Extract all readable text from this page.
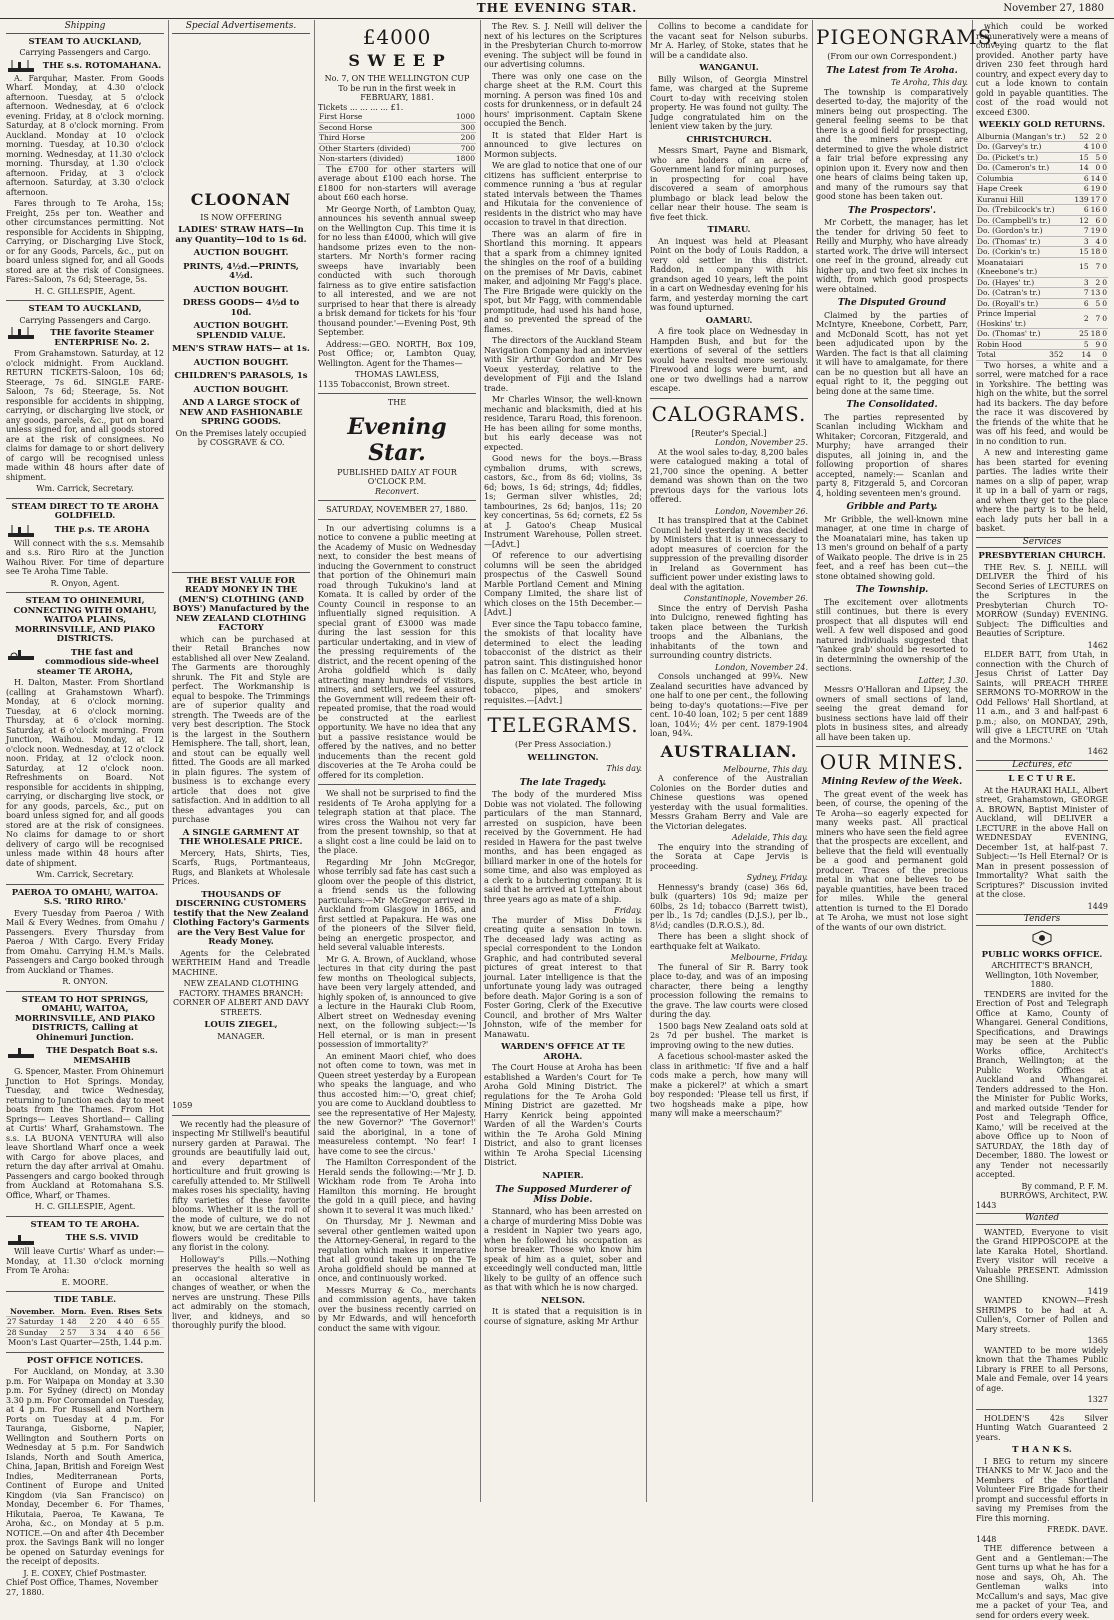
THE EVENING STAR.	November 27, 1880
Shipping
STEAM TO AUCKLAND,
Carrying Passengers and Cargo.
THE s.s. ROTOMAHANA.

A. Farquhar, Master. From Goods Wharf. Monday, at 4.30 o'clock afternoon. Tuesday, at 5 o'clock afternoon. Wednesday, at 6 o'clock evening. Friday, at 8 o'clock morning. Saturday, at 8 o'clock morning. From Auckland. Monday at 10 o'clock morning. Tuesday, at 10.30 o'clock morning. Wednesday, at 11.30 o'clock morning. Thursday, at 1.30 o'clock afternoon. Friday, at 3 o'clock afternoon. Saturday, at 3.30 o'clock afternoon.

Fares through to Te Aroha, 15s; Freight, 25s per ton. Weather and other circumstances permitting. Not responsible for Accidents in Shipping, Carrying, or Discharging Live Stock, or for any Goods, Parcels, &c., put on board unless signed for, and all Goods stored are at the risk of Consignees. Fares:-Saloon, 7s 6d; Steerage, 5s.

H. C. GILLESPIE, Agent.
STEAM TO AUCKLAND,
Carrying Passengers and Cargo.
THE favorite Steamer ENTERPRISE No. 2.

From Grahamstown. Saturday, at 12 o'clock midnight. From Auckland. RETURN TICKETS-Saloon, 10s 6d; Steerage, 7s 6d. SINGLE FARE-Saloon, 7s 6d; Steerage, 5s. Not responsible for accidents in shipping, carrying, or discharging live stock, or any goods, parcels, &c., put on board unless signed for, and all goods stored are at the risk of consignees. No claims for damage to or short delivery of cargo will be recognised unless made within 48 hours after date of shipment.

Wm. Carrick, Secretary.
STEAM DIRECT TO TE AROHA GOLDFIELD.
THE p.s. TE AROHA

Will connect with the s.s. Memsahib and s.s. Riro Riro at the Junction Waihou River. For time of departure see Te Aroha Time Table.

R. Onyon, Agent.
STEAM TO OHINEMURI, CONNECTING WITH OMAHU, WAITOA PLAINS, MORRINSVILLE, AND PIAKO DISTRICTS.
THE fast and commodious side-wheel steamer TE AROHA,

H. Dalton, Master. From Shortland (calling at Grahamstown Wharf). Monday, at 6 o'clock morning. Tuesday, at 6 o'clock morning. Thursday, at 6 o'clock morning. Saturday, at 6 o'clock morning. From Junction, Waihou. Monday, at 12 o'clock noon. Wednesday, at 12 o'clock noon. Friday, at 12 o'clock noon. Saturday, at 12 o'clock noon. Refreshments on Board. Not responsible for accidents in shipping, carrying, or discharging live stock, or for any goods, parcels, &c., put on board unless signed for, and all goods stored are at the risk of consignees. No claims for damage to or short delivery of cargo will be recognised unless made within 48 hours after date of shipment.

Wm. Carrick, Secretary.
PAEROA TO OMAHU, WAITOA. S.S. 'RIRO RIRO.'

Every Tuesday from Paeroa / With Mail & Every Wednes. from Omahu / Passengers. Every Thursday from Paeroa / With Cargo. Every Friday from Omahu. Carrying H.M.'s Mails. Passengers and Cargo booked through from Auckland or Thames.

R. ONYON.
STEAM TO HOT SPRINGS, OMAHU, WAITOA, MORRINSVILLE, AND PIAKO DISTRICTS, Calling at Ohinemuri Junction.
THE Despatch Boat s.s. MEMSAHIB

G. Spencer, Master. From Ohinemuri Junction to Hot Springs. Monday, Tuesday, and twice Wednesday, returning to Junction each day to meet boats from the Thames. From Hot Springs— Leaves Shortland— Calling at Curtis' Wharf, Grahamstown. The s.s. LA BUONA VENTURA will also leave Shortland Wharf once a week with Cargo for above places, and return the day after arrival at Omahu. Passengers and cargo booked through from Auckland at Rotomahana S.S. Office, Wharf, or Thames.

H. C. GILLESPIE, Agent.
STEAM TO TE AROHA.
THE S.S. VIVID

Will leave Curtis' Wharf as under:— Monday, at 11.30 o'clock morning From Te Aroha:

E. MOORE.
TIDE TABLE.
November.	Morn.	Even.	Rises	Sets
27 Saturday	1 48	2 20	4 40	6 55
28 Sunday	2 57	3 34	4 40	6 56
Moon's Last Quarter—25th, 1.44 p.m.
POST OFFICE NOTICES.

For Auckland, on Monday, at 3.30 p.m. For Waipapa on Monday at 3.30 p.m. For Sydney (direct) on Monday 3.30 p.m. For Coromandel on Tuesday, at 4 p.m. For Russell and Northern Ports on Tuesday at 4 p.m. For Tauranga, Gisborne, Napier, Wellington and Southern Ports on Wednesday at 5 p.m. For Sandwich Islands, North and South America, China, Japan, British and Foreign West Indies, Mediterranean Ports, Continent of Europe and United Kingdom (via San Francisco) on Monday, December 6. For Thames, Hikutaia, Paeroa, Te Kawana, Te Aroha, &c., on Monday at 5 p.m. NOTICE.—On and after 4th December prox. the Savings Bank will no longer be opened on Saturday evenings for the receipt of deposits.

J. E. COXEY, Chief Postmaster.
Chief Post Office, Thames, November 27, 1880.
Special Advertisements.
CLOONAN
IS NOW OFFERING
LADIES' STRAW HATS—In any Quantity—10d to 1s 6d.
AUCTION BOUGHT.
PRINTS, 4½d.—PRINTS, 4½d.
AUCTION BOUGHT.
DRESS GOODS— 4½d to 10d.
AUCTION BOUGHT. SPLENDID VALUE.
MEN'S STRAW HATS— at 1s.
AUCTION BOUGHT.
CHILDREN'S PARASOLS, 1s
AUCTION BOUGHT.
AND A LARGE STOCK of NEW AND FASHIONABLE SPRING GOODS.
On the Premises lately occupied by COSGRAVE & CO.
THE BEST VALUE FOR READY MONEY IN THE (MEN'S) CLOTHING (AND BOYS') Manufactured by the NEW ZEALAND CLOTHING FACTORY

which can be purchased at their Retail Branches now established all over New Zealand. The Garments are thoroughly shrunk. The Fit and Style are perfect. The Workmanship is equal to bespoke. The Trimmings are of superior quality and strength. The Tweeds are of the very best description. The Stock is the largest in the Southern Hemisphere. The tall, short, lean, and stout can be equally well fitted. The Goods are all marked in plain figures. The system of business is to exchange every article that does not give satisfaction. And in addition to all these advantages you can purchase

A SINGLE GARMENT AT THE WHOLESALE PRICE.

Mercery, Hats, Shirts, Ties, Scarfs, Rugs, Portmanteaus, Rugs, and Blankets at Wholesale Prices.

THOUSANDS OF DISCERNING CUSTOMERS testify that the New Zealand Clothing Factory's Garments are the Very Best Value for Ready Money.

Agents for the Celebrated WERTHEIM Hand and Treadle MACHINE.

NEW ZEALAND CLOTHING FACTORY. THAMES BRANCH: CORNER OF ALBERT AND DAVY STREETS.
LOUIS ZIEGEL,
MANAGER.
1059

We recently had the pleasure of inspecting Mr Stillwell's beautiful nursery garden at Parawai. The grounds are beautifully laid out, and every department of horticulture and fruit growing is carefully attended to. Mr Stillwell makes roses his speciality, having fifty varieties of these favorite blooms. Whether it is the roll of the mode of culture, we do not know, but we are certain that the flowers would be creditable to any florist in the colony.

Holloway's Pills.—Nothing preserves the health so well as an occasional alterative in changes of weather, or when the nerves are unstrung. These Pills act admirably on the stomach, liver, and kidneys, and so thoroughly purify the blood.

£4000
S W E E P
No. 7, ON THE WELLINGTON CUP
To be run in the first week in FEBRUARY, 1881.
Tickets ... ... ... ... £1.
First Horse	1000
Second Horse	300
Third Horse	200
Other Starters (divided)	700
Non-starters (divided)	1800

The £700 for other starters will average about £100 each horse. The £1800 for non-starters will average about £60 each horse.

Mr George North, of Lambton Quay, announces his seventh annual sweep on the Wellington Cup. This time it is for no less than £4000, which will give handsome prizes even to the non-starters. Mr North's former racing sweeps have invariably been conducted with such thorough fairness as to give entire satisfaction to all interested, and we are not surprised to hear that there is already a brisk demand for tickets for his 'four thousand pounder.'—Evening Post, 9th September.

Address:—GEO. NORTH, Box 109, Post Office; or, Lambton Quay, Wellington. Agent for the Thames—

THOMAS LAWLESS,
1135 Tobacconist, Brown street.
THE
Evening Star.
PUBLISHED DAILY AT FOUR O'CLOCK P.M.
Reconvert.
SATURDAY, NOVEMBER 27, 1880.

In our advertising columns is a notice to convene a public meeting at the Academy of Music on Wednesday next, to consider the best means of inducing the Government to construct that portion of the Ohinemuri main road through Tukukino's land at Komata. It is called by order of the County Council in response to an influentially signed requisition. A special grant of £3000 was made during the last session for this particular undertaking, and in view of the pressing requirements of the district, and the recent opening of the Aroha goldfield which is daily attracting many hundreds of visitors, miners, and settlers, we feel assured the Government will redeem their oft-repeated promise, that the road would be constructed at the earliest opportunity. We have no idea that any but a passive resistance would be offered by the natives, and no better inducements than the recent gold discoveries at the Te Aroha could be offered for its completion.

We shall not be surprised to find the residents of Te Aroha applying for a telegraph station at that place. The wires cross the Waihou not very far from the present township, so that at a slight cost a line could be laid on to the place.

Regarding Mr John McGregor, whose terribly sad fate has cast such a gloom over the people of this district, a friend sends us the following particulars:—Mr McGregor arrived in Auckland from Glasgow in 1865, and first settled at Papakura. He was one of the pioneers of the Silver field, being an energetic prospector, and held several valuable interests.

Mr G. A. Brown, of Auckland, whose lectures in that city during the past few months on Theological subjects, have been very largely attended, and highly spoken of, is announced to give a lecture in the Hauraki Club Room, Albert street on Wednesday evening next, on the following subject:—'Is Hell eternal, or is man in present possession of immortality?'

An eminent Maori chief, who does not often come to town, was met in Queen street yesterday by a European who speaks the language, and who thus accosted him:—'O, great chief; you are come to Auckland doubtless to see the representative of Her Majesty, the new Governor?' 'The Governor!' said the aboriginal, in a tone of measureless contempt. 'No fear! I have come to see the circus.'

The Hamilton Correspondent of the Herald sends the following:—'Mr J. D. Wickham rode from Te Aroha into Hamilton this morning. He brought the gold in a quill piece, and having shown it to several it was much liked.'

On Thursday, Mr J. Newman and several other gentlemen waited upon the Attorney-General, in regard to the regulation which makes it imperative that all ground taken up on the Te Aroha goldfield should be manned at once, and continuously worked.

Messrs Murray & Co., merchants and commission agents, have taken over the business recently carried on by Mr Edwards, and will henceforth conduct the same with vigour.

The Rev. S. J. Neill will deliver the next of his lectures on the Scriptures in the Presbyterian Church to-morrow evening. The subject will be found in our advertising columns.

There was only one case on the charge sheet at the R.M. Court this morning. A person was fined 10s and costs for drunkenness, or in default 24 hours' imprisonment. Captain Skene occupied the Bench.

It is stated that Elder Hart is announced to give lectures on Mormon subjects.

We are glad to notice that one of our citizens has sufficient enterprise to commence running a 'bus at regular stated intervals between the Thames and Hikutaia for the convenience of residents in the district who may have occasion to travel in that direction.

There was an alarm of fire in Shortland this morning. It appears that a spark from a chimney ignited the shingles on the roof of a building on the premises of Mr Davis, cabinet maker, and adjoining Mr Fagg's place. The Fire Brigade were quickly on the spot, but Mr Fagg, with commendable promptitude, had used his hand hose, and so prevented the spread of the flames.

The directors of the Auckland Steam Navigation Company had an interview with Sir Arthur Gordon and Mr Des Voeux yesterday, relative to the development of Fiji and the Island trade.

Mr Charles Winsor, the well-known mechanic and blacksmith, died at his residence, Tararu Road, this forenoon. He has been ailing for some months, but his early decease was not expected.

Good news for the boys.—Brass cymbalion drums, with screws, castors, &c., from 8s 6d; violins, 3s 6d; bows, 1s 6d; strings, 4d; fiddles, 1s; German silver whistles, 2d; tambourines, 2s 6d; banjos, 11s; 20 key concertinas, 5s 6d; cornets, £2 5s at J. Gatoo's Cheap Musical Instrument Warehouse, Pollen street.—[Advt.]

Of reference to our advertising columns will be seen the abridged prospectus of the Caswell Sound Marble Portland Cement and Mining Company Limited, the share list of which closes on the 15th December.—[Advt.]

Ever since the Tapu tobacco famine, the smokists of that locality have determined to elect the leading tobacconist of the district as their patron saint. This distinguished honor has fallen on C. McAteer, who, beyond dispute, supplies the best article in tobacco, pipes, and smokers' requisites.—[Advt.]

TELEGRAMS.
(Per Press Association.)
WELLINGTON.
This day.
The late Tragedy.

The body of the murdered Miss Dobie was not violated. The following particulars of the man Stannard, arrested on suspicion, have been received by the Government. He had resided in Hawera for the past twelve months, and has been engaged as billiard marker in one of the hotels for some time, and also was employed as a clerk to a butchering company. It is said that he arrived at Lyttelton about three years ago as mate of a ship.

Friday.

The murder of Miss Dobie is creating quite a sensation in town. The deceased lady was acting as special correspondent to the London Graphic, and had contributed several pictures of great interest to that journal. Later intelligence is that the unfortunate young lady was outraged before death. Major Goring is a son of Foster Goring, Clerk of the Executive Council, and brother of Mrs Walter Johnston, wife of the member for Manawatu.

WARDEN'S OFFICE AT TE AROHA.

The Court House at Aroha has been established a Warden's Court for Te Aroha Gold Mining District. The regulations for the Te Aroha Gold Mining District are gazetted. Mr Harry Kenrick being appointed Warden of all the Warden's Courts within the Te Aroha Gold Mining District, and also to grant licenses within Te Aroha Special Licensing District.

NAPIER.
The Supposed Murderer of Miss Dobie.

Stannard, who has been arrested on a charge of murdering Miss Dobie was a resident in Napier two years ago, when he followed his occupation as horse breaker. Those who know him speak of him as a quiet, sober and exceedingly well conducted man, little likely to be guilty of an offence such as that with which he is now charged.

NELSON.

It is stated that a requisition is in course of signature, asking Mr Arthur

Collins to become a candidate for the vacant seat for Nelson suburbs. Mr A. Harley, of Stoke, states that he will be a candidate also.

WANGANUI.

Billy Wilson, of Georgia Minstrel fame, was charged at the Supreme Court to-day with receiving stolen property. He was found not guilty. The Judge congratulated him on the lenient view taken by the jury.

CHRISTCHURCH.

Messrs Smart, Payne and Bismark, who are holders of an acre of Government land for mining purposes, in prospecting for coal have discovered a seam of amorphous plumbago or black lead below the cellar near their house. The seam is five feet thick.

TIMARU.

An inquest was held at Pleasant Point on the body of Louis Raddon, a very old settler in this district. Raddon, in company with his grandson aged 10 years, left the point in a cart on Wednesday evening for his farm, and yesterday morning the cart was found upturned.

OAMARU.

A fire took place on Wednesday in Hampden Bush, and but for the exertions of several of the settlers would have resulted more seriously. Firewood and logs were burnt, and one or two dwellings had a narrow escape.

CALOGRAMS.
[Reuter's Special.]
London, November 25.

At the wool sales to-day, 8,200 bales were catalogued making a total of 21,700 since the opening. A better demand was shown than on the two previous days for the various lots offered.

London, November 26.

It has transpired that at the Cabinet Council held yesterday it was decided by Ministers that it is unnecessary to adopt measures of coercion for the suppression of the prevailing disorder in Ireland as Government has sufficient power under existing laws to deal with the agitation.

Constantinople, November 26.

Since the entry of Dervish Pasha into Dulcigno, renewed fighting has taken place between the Turkish troops and the Albanians, the inhabitants of the town and surrounding country districts.

London, November 24.

Consols unchanged at 99¾. New Zealand securities have advanced by one half to one per cent., the following being to-day's quotations:—Five per cent. 10-40 loan, 102; 5 per cent 1889 loan, 104½; 4½ per cent. 1879-1904 loan, 94¾.

AUSTRALIAN.
Melbourne, This day.

A conference of the Australian Colonies on the Border duties and Chinese questions was opened yesterday with the usual formalities. Messrs Graham Berry and Vale are the Victorian delegates.

Adelaide, This day.

The enquiry into the stranding of the Sorata at Cape Jervis is proceeding.

Sydney, Friday.

Hennessy's brandy (case) 36s 6d, bulk (quarters) 10s 9d; maize per 60lbs, 2s 1d; tobacco (Barrett twist), per lb., 1s 7d; candles (D.J.S.), per lb., 8½d; candles (D.R.O.S.), 8d.

There has been a slight shock of earthquake felt at Waikato.

Melbourne, Friday.

The funeral of Sir R. Barry took place to-day, and was of an imposing character, there being a lengthy procession following the remains to the grave. The law courts were closed during the day.

1500 bags New Zealand oats sold at 2s 7d per bushel. The market is improving owing to the new duties.

A facetious school-master asked the class in arithmetic: 'If five and a half cods make a perch, how many will make a pickerel?' at which a smart boy responded: 'Please tell us first, if two hogsheads make a pipe, how many will make a meerschaum?'

PIGEONGRAMS.
(From our own Correspondent.)
The Latest from Te Aroha.
Te Aroha, This day.

The township is comparatively deserted to-day, the majority of the miners being out prospecting. The general feeling seems to be that there is a good field for prospecting, and the miners present are determined to give the whole district a fair trial before expressing any opinion upon it. Every now and then one hears of claims being taken up, and many of the rumours say that good stone has been taken out.

The Prospectors'.

Mr Corbett, the manager, has let the tender for driving 50 feet to Reilly and Murphy, who have already started work. The drive will intersect one reef in the ground, already cut higher up, and two feet six inches in width, from which good prospects were obtained.

The Disputed Ground

Claimed by the parties of McIntyre, Kneebone, Corbett, Parr, and McDonald Scott, has not yet been adjudicated upon by the Warden. The fact is that all claiming it will have to amalgamate, for there can be no question but all have an equal right to it, the pegging out being done at the same time.

The Consolidated.

The parties represented by Scanlan including Wickham and Whitaker; Corcoran, Fitzgerald, and Murphy; have arranged their disputes, all joining in, and the following proportion of shares accepted, namely:— Scanlan and party 8, Fitzgerald 5, and Corcoran 4, holding seventeen men's ground.

Gribble and Party.

Mr Gribble, the well-known mine manager, at one time in charge of the Moanataiari mine, has taken up 13 men's ground on behalf of a party of Waikato people. The drive is in 25 feet, and a reef has been cut—the stone obtained showing gold.

The Township.

The excitement over allotments still continues, but there is every prospect that all disputes will end well. A few well disposed and good natured individuals suggested that 'Yankee grab' should be resorted to in determining the ownership of the sections.

Latter, 1.30.

Messrs O'Halloran and Lipsey, the owners of small sections of land, seeing the great demand for business sections have laid off their plots in business sites, and already all have been taken up.

OUR MINES.
Mining Review of the Week.

The great event of the week has been, of course, the opening of the Te Aroha—so eagerly expected for many weeks past. All practical miners who have seen the field agree that the prospects are excellent, and believe that the field will eventually be a good and permanent gold producer. Traces of the precious metal in what one believes to be payable quantities, have been traced for miles. While the general attention is turned to the El Dorado at Te Aroha, we must not lose sight of the wants of our own district.

which could be worked remuneratively were a means of conveying quartz to the flat provided. Another party have driven 230 feet through hard country, and expect every day to cut a lode known to contain gold in payable quantities. The cost of the road would not exceed £300.

WEEKLY GOLD RETURNS.
Alburnia (Mangan's tr.)	52	2	0
Do. (Garvey's tr.)	4	10	0
Do. (Picket's tr.)	15	5	0
Do. (Cameron's tr.)	14	0	0
Columbia	6	14	0
Hape Creek	6	19	0
Kuranui Hill	139	17	0
Do. (Trebilcock's tr.)	6	16	0
Do. (Campbell's tr.)	12	6	0
Do. (Gordon's tr.)	7	19	0
Do. (Thomas' tr.)	3	4	0
Do. (Corkin's tr.)	15	18	0
Moanataiari (Kneebone's tr.)	15	7	0
Do. (Hayes' tr.)	3	2	0
Do. (Catran's tr.)	7	13	0
Do. (Royall's tr.)	6	5	0
Prince Imperial (Hoskins' tr.)	2	7	0
Do. (Thomas' tr.)	25	18	0
Robin Hood	5	9	0
Total	352	14	0

Two horses, a white and a sorrel, were matched for a race in Yorkshire. The betting was high on the white, but the sorrel had its backers. The day before the race it was discovered by the friends of the white that he was off his feed, and would be in no condition to run.

A new and interesting game has been started for evening parties. The ladies write their names on a slip of paper, wrap it up in a ball of yarn or rags, and when they get to the place where the party is to be held, each lady puts her ball in a basket.

Services
PRESBYTERIAN CHURCH.

THE Rev. S. J. NEILL will DELIVER the Third of his Second Series of LECTURES on the Scriptures in the Presbyterian Church TO-MORROW (Sunday) EVENING. Subject: The Difficulties and Beauties of Scripture.

1462

ELDER BATT, from Utah, in connection with the Church of Jesus Christ of Latter Day Saints, will PREACH THREE SERMONS TO-MORROW in the Odd Fellows' Hall Shortland, at 11 a.m., and 3 and half-past 6 p.m.; also, on MONDAY, 29th, will give a LECTURE on 'Utah and the Mormons.'

1462
Lectures, etc
L E C T U R E.

At the HAURAKI HALL, Albert street, Grahamstown, GEORGE A. BROWN, Baptist Minister of Auckland, will DELIVER a LECTURE in the above Hall on WEDNESDAY EVENING, December 1st, at half-past 7. Subject:—'Is Hell Eternal? Or is Man in present possession of Immortality? What saith the Scriptures?' Discussion invited at the close.

1449
Tenders
PUBLIC WORKS OFFICE.
ARCHITECT'S BRANCH, Wellington, 10th November, 1880.

TENDERS are invited for the Erection of Post and Telegraph Office at Kamo, County of Whangarei. General Conditions, Specifications, and Drawings may be seen at the Public Works office, Architect's Branch, Wellington; at the Public Works Offices at Auckland and Whangarei. Tenders addressed to the Hon. the Minister for Public Works, and marked outside 'Tender for Post and Telegraph Office, Kamo,' will be received at the above Office up to Noon of SATURDAY, the 18th day of December, 1880. The lowest or any Tender not necessarily accepted.

By command, P. F. M. BURROWS, Architect, P.W.
1443
Wanted

WANTED, Everyone to visit the Grand HIPPOSCOPE at the late Karaka Hotel, Shortland. Every visitor will receive a Valuable PRESENT. Admission One Shilling.

1419

WANTED KNOWN—Fresh SHRIMPS to be had at A. Cullen's, Corner of Pollen and Mary streets.

1365

WANTED to be more widely known that the Thames Public Library is FREE to all Persons, Male and Female, over 14 years of age.

1327

HOLDEN'S 42s Silver Hunting Watch Guaranteed 2 years.

T H A N K S.

I BEG to return my sincere THANKS to Mr W. Jaco and the Members of the Shortland Volunteer Fire Brigade for their prompt and successful efforts in saving my Premises from the Fire this morning.

FREDK. DAVE.
1448

THE difference between a Gent and a Gentleman:—The Gent turns up what he has for a nose and says, Oh, Ah. The Gentleman walks into McCallum's and says, Mac give me a packet of your Tea, and send for orders every week.
